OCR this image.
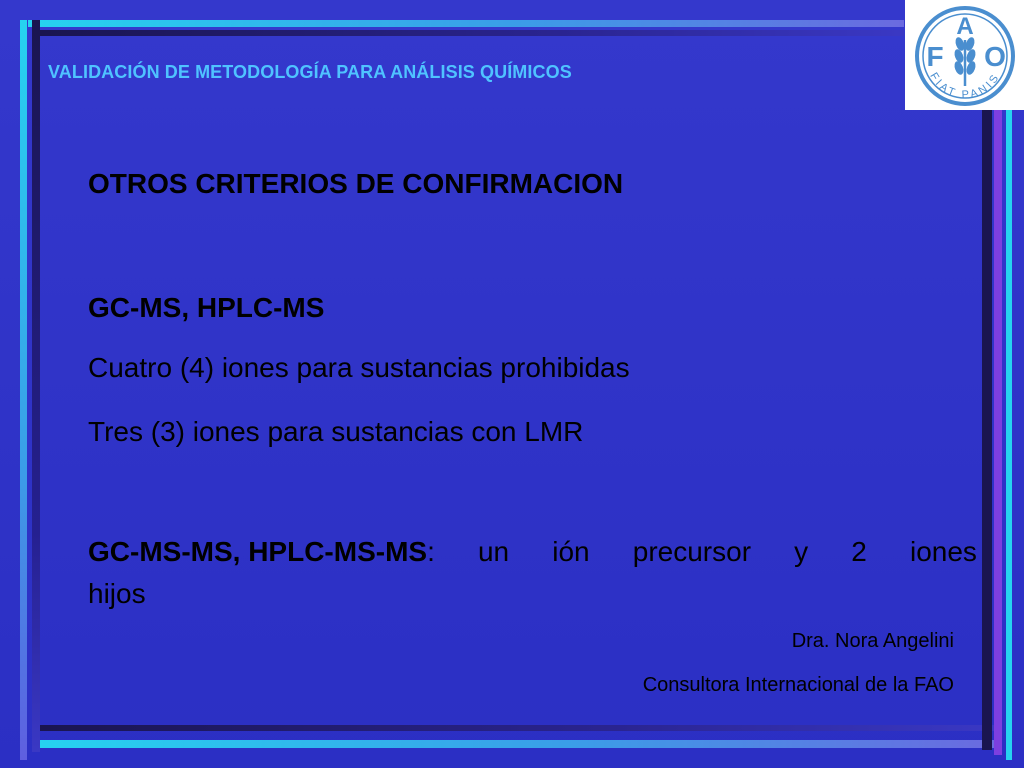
VALIDACIÓN DE METODOLOGÍA PARA ANÁLISIS QUÍMICOS	F
A
O
FIAT PANIS
OTROS CRITERIOS DE CONFIRMACION
GC-MS, HPLC-MS
Cuatro (4) iones para sustancias prohibidas
Tres (3) iones para sustancias con LMR
GC-MS-MS, HPLC-MS-MS: un ión precursor y 2 iones
hijos
Dra. Nora Angelini
Consultora Internacional de la FAO
